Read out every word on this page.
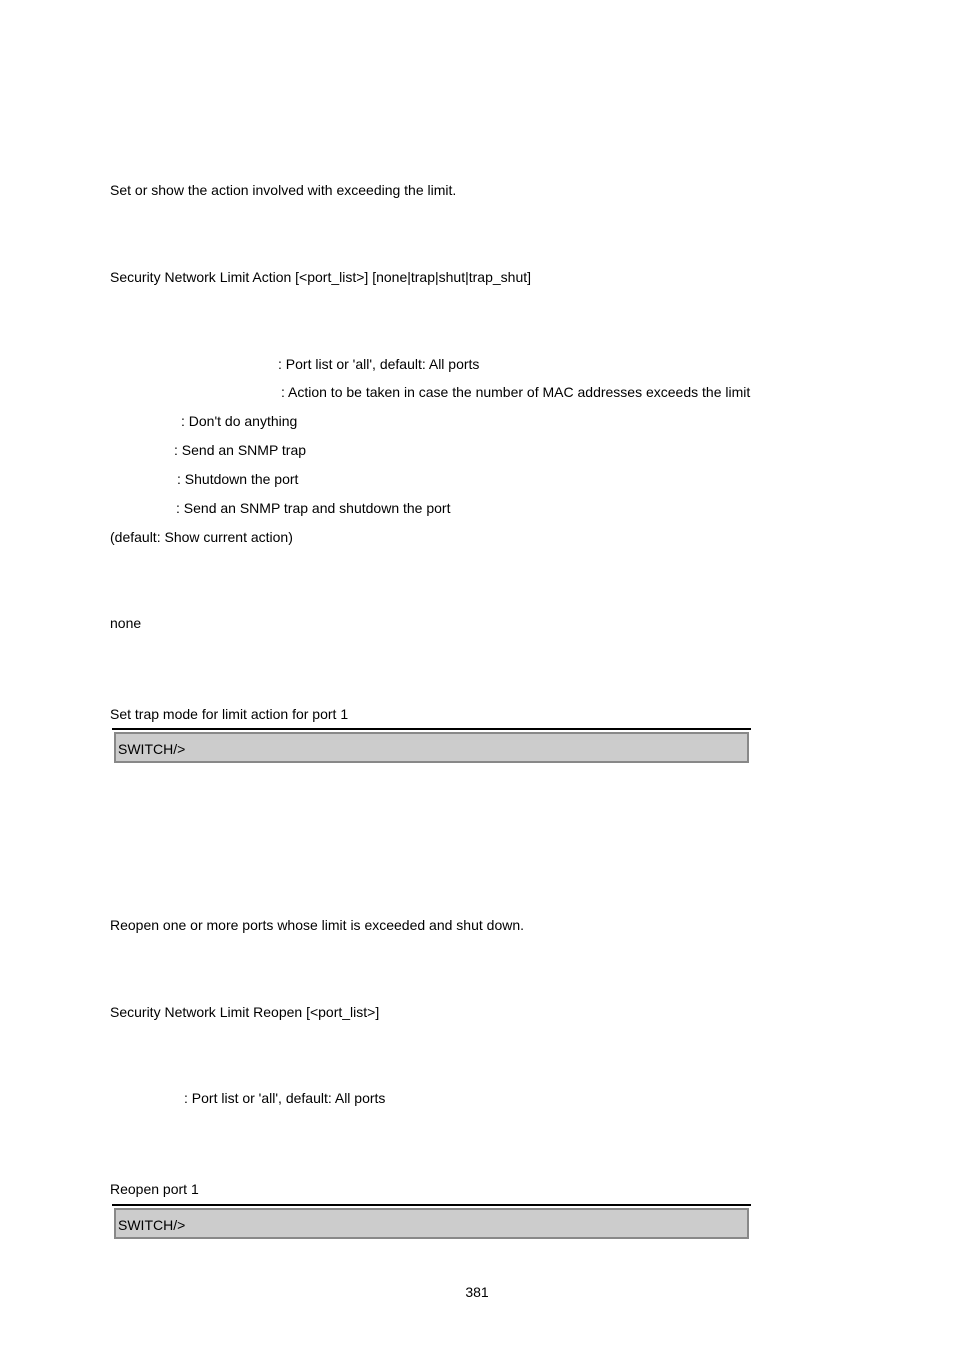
Set or show the action involved with exceeding the limit.
Security Network Limit Action [<port_list>] [none|trap|shut|trap_shut]
: Port list or 'all', default: All ports
: Action to be taken in case the number of MAC addresses exceeds the limit
: Don't do anything
: Send an SNMP trap
: Shutdown the port
: Send an SNMP trap and shutdown the port
(default: Show current action)
none
Set trap mode for limit action for port 1
SWITCH/>
Reopen one or more ports whose limit is exceeded and shut down.
Security Network Limit Reopen [<port_list>]
: Port list or 'all', default: All ports
Reopen port 1
SWITCH/>
381
